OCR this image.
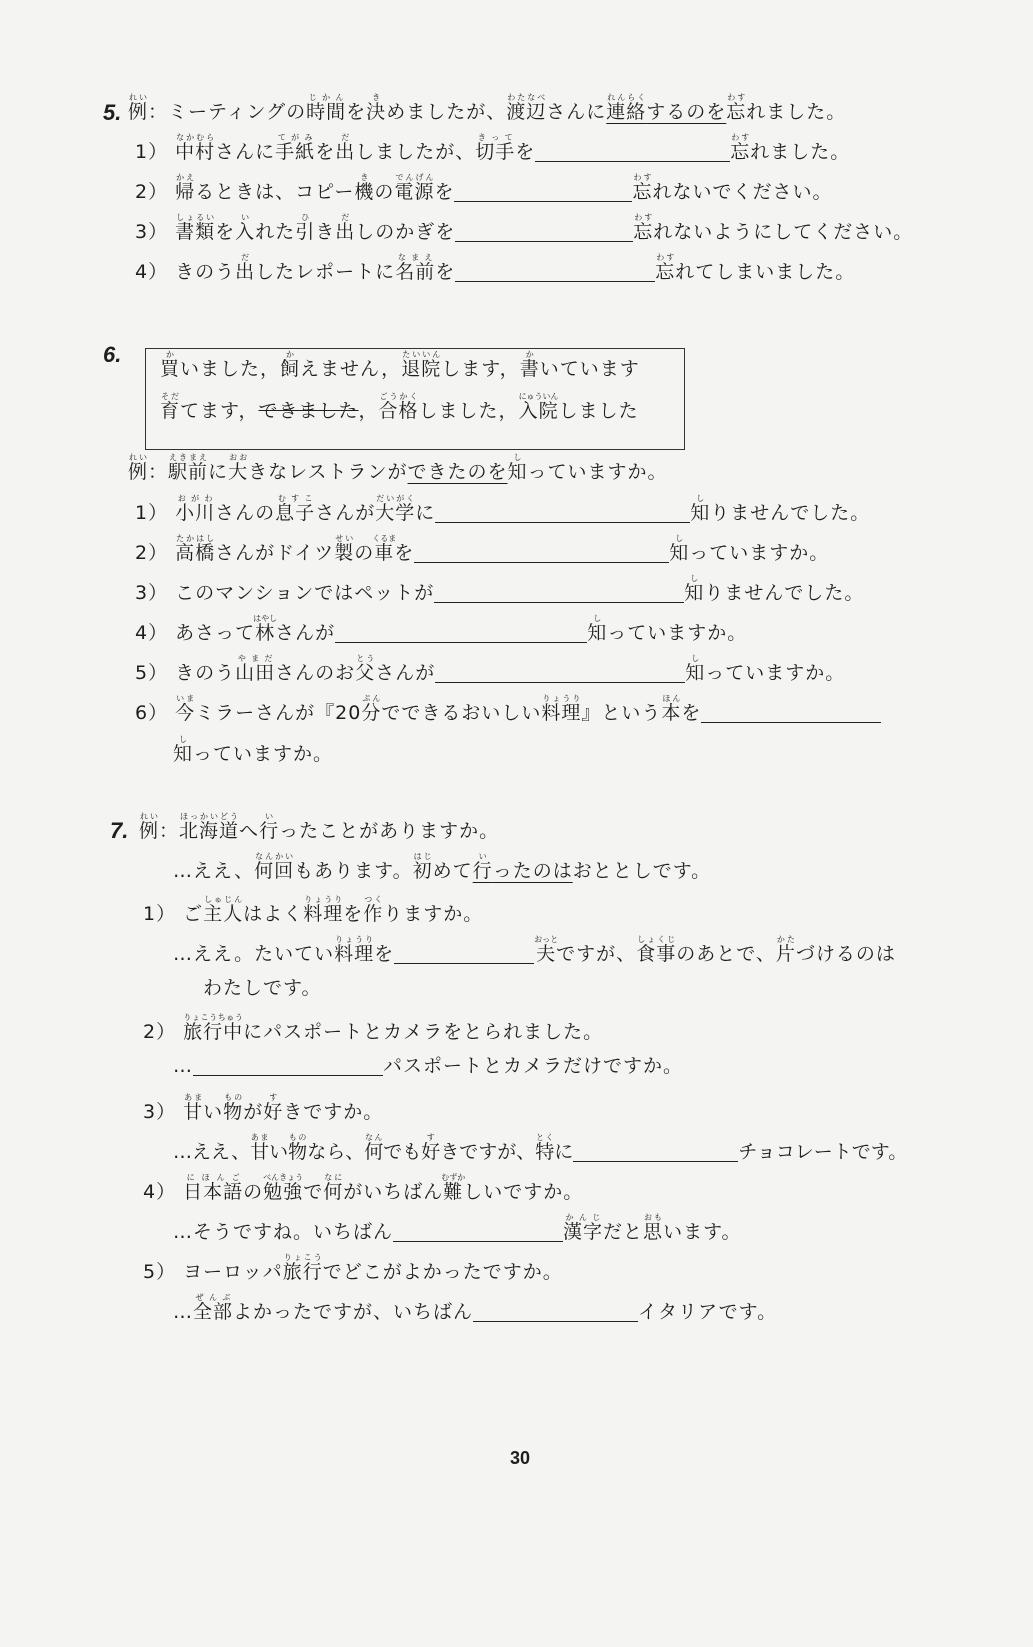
5. 例れい：ミーティングの時間じかんを決きめましたが、渡辺わたなべさんに連絡れんらくするのを忘わすれました。
1） 中村なかむらさんに手紙てがみを出だしましたが、切手きってを	忘わすれました。
2） 帰かえるときは、コピー機きの電源でんげんを	忘わすれないでください。
3） 書類しょるいを入いれた引ひき出だしのかぎを	忘わすれないようにしてください。
4） きのう出だしたレポートに名前なまえを	忘わすれてしまいました。
6.
買かいました，飼かえません，退院たいいんします，書かいています
育そだてます，できました，合格ごうかくしました，入院にゅういんしました
例れい：駅前えきまえに大おおきなレストランができたのを知しっていますか。
1） 小川おがわさんの息子むすこさんが大学だいがくに	知しりませんでした。
2） 高橋たかはしさんがドイツ製せいの車くるまを	知しっていますか。
3） このマンションではペットが	知しりませんでした。
4） あさって林はやしさんが	知しっていますか。
5） きのう山田やまださんのお父とうさんが	知しっていますか。
6） 今いまミラーさんが『20分ぷんでできるおいしい料理りょうり』という本ほんを
知しっていますか。
7. 例れい：北海道ほっかいどうへ行いったことがありますか。
…ええ、何回なんかいもあります。初はじめて行いったのはおととしです。
1） ご主人しゅじんはよく料理りょうりを作つくりますか。
…ええ。たいてい料理りょうりを	夫おっとですが、食事しょくじのあとで、片かたづけるのは
わたしです。
2） 旅行中りょこうちゅうにパスポートとカメラをとられました。
…	パスポートとカメラだけですか。
3） 甘あまい物ものが好すきですか。
…ええ、甘あまい物ものなら、何なんでも好すきですが、特とくに	チョコレートです。
4） 日本語にほんごの勉強べんきょうで何なにがいちばん難むずかしいですか。
…そうですね。いちばん	漢字かんじだと思おもいます。
5） ヨーロッパ旅行りょこうでどこがよかったですか。
…全部ぜんぶよかったですが、いちばん	イタリアです。
30
